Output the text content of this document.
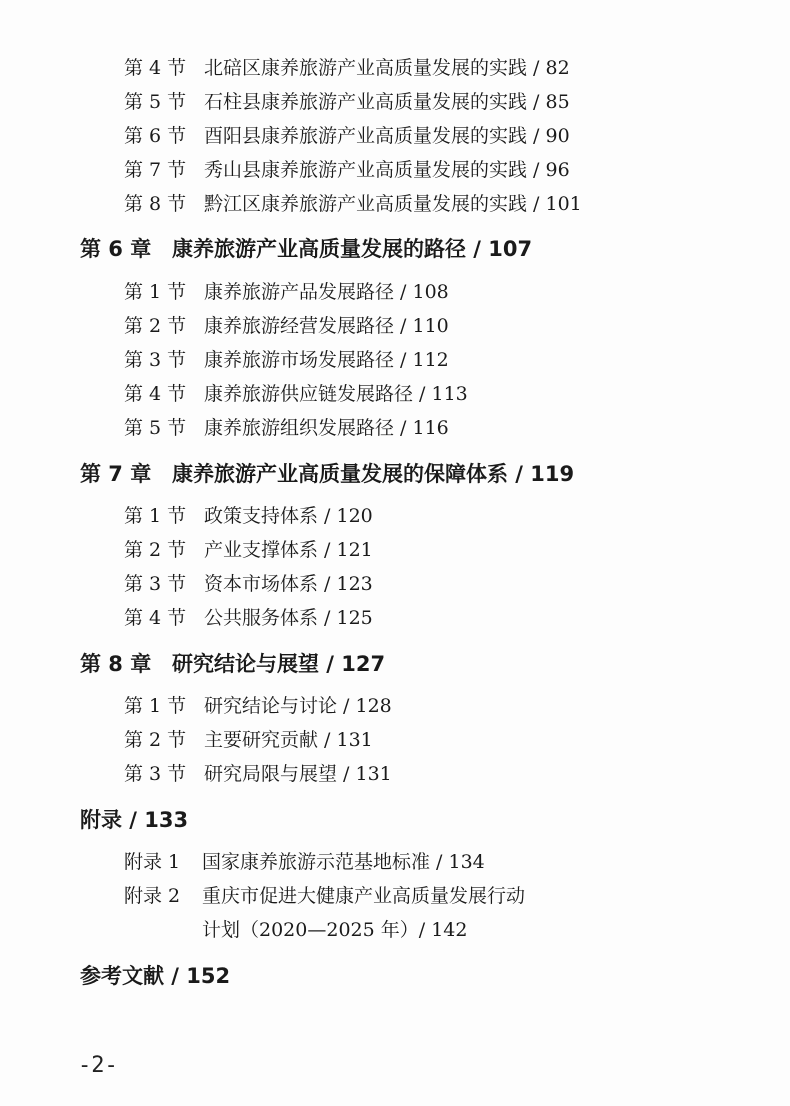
第 4 节 北碚区康养旅游产业高质量发展的实践 / 82
第 5 节 石柱县康养旅游产业高质量发展的实践 / 85
第 6 节 酉阳县康养旅游产业高质量发展的实践 / 90
第 7 节 秀山县康养旅游产业高质量发展的实践 / 96
第 8 节 黔江区康养旅游产业高质量发展的实践 / 101
第 6 章 康养旅游产业高质量发展的路径 / 107
第 1 节 康养旅游产品发展路径 / 108
第 2 节 康养旅游经营发展路径 / 110
第 3 节 康养旅游市场发展路径 / 112
第 4 节 康养旅游供应链发展路径 / 113
第 5 节 康养旅游组织发展路径 / 116
第 7 章 康养旅游产业高质量发展的保障体系 / 119
第 1 节 政策支持体系 / 120
第 2 节 产业支撑体系 / 121
第 3 节 资本市场体系 / 123
第 4 节 公共服务体系 / 125
第 8 章 研究结论与展望 / 127
第 1 节 研究结论与讨论 / 128
第 2 节 主要研究贡献 / 131
第 3 节 研究局限与展望 / 131
附录 / 133
附录 1 国家康养旅游示范基地标准 / 134
附录 2 重庆市促进大健康产业高质量发展行动
计划（2020—2025 年）/ 142
参考文献 / 152
-2-
